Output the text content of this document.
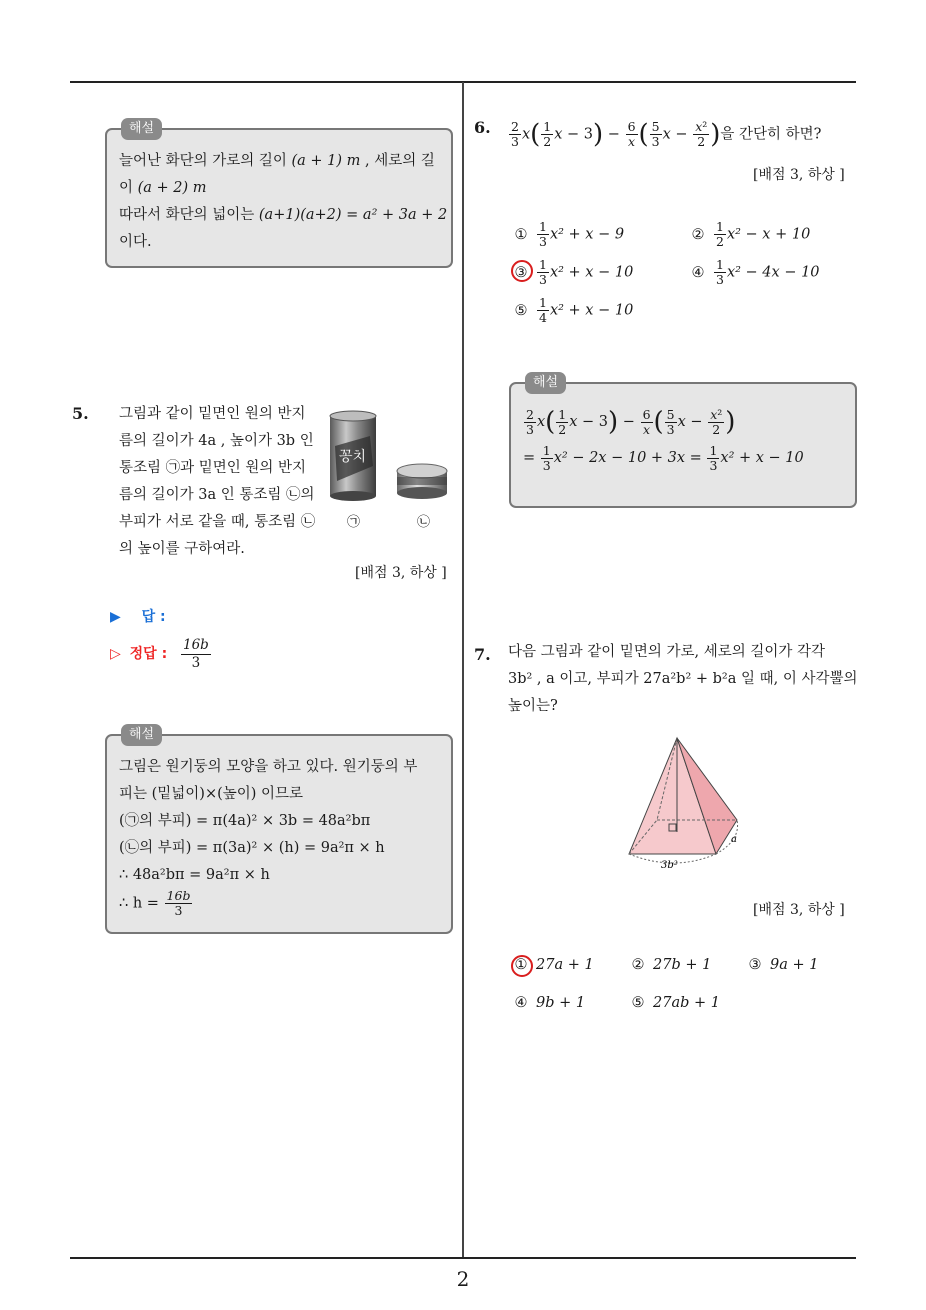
2
해설
늘어난 화단의 가로의 길이 (a + 1) m , 세로의 길
이 (a + 2) m
따라서 화단의 넓이는 (a+1)(a+2) = a² + 3a + 2
이다.
5. 그림과 같이 밑면인 원의 반지
름의 길이가 4a , 높이가 3b 인
통조림 ㉠과 밑면인 원의 반지
름의 길이가 3a 인 통조림 ㉡의
부피가 서로 같을 때, 통조림 ㉡
의 높이를 구하여라.
꽁치
㉠	㉡
[배점 3, 하상 ]
▶ 답 :
▷ 정답 : $\frac{16b}{3}$
해설
그림은 원기둥의 모양을 하고 있다. 원기둥의 부
피는 (밑넓이)×(높이) 이므로
(㉠의 부피) = π(4a)² × 3b = 48a²bπ
(㉡의 부피) = π(3a)² × (h) = 9a²π × h
∴ 48a²bπ = 9a²π × h
∴ $h = \frac{16b}{3}$
6. $\frac{2}{3} x( \frac{1}{2}$ $x - 3) - \frac{6}{x}$ ( $\frac{5}{3}$ $x - \frac{\text{x²}}{2}$ )을 간단히 하면?
[배점 3, 하상 ]
① $\frac{1}{3} x^2 + x - 9$	② $\frac{1}{2} x^2 - x + 10$
③ $\frac{1}{3} x^2 + x - 10$	④ $\frac{1}{3} x^2 - 4x - 10$
⑤ $\frac{1}{4} x^2 + x - 10$
해설
$\frac{2}{3} x( \frac{1}{2}$ $x - 3) - \frac{6}{x}$ ( $\frac{5}{3}$ $x - \frac{\text{x²}}{2}$ )
= $\frac{1}{3} x^2 - 2x - 10 + 3x = \frac{1}{3} x^2 + x - 10$
7. 다음 그림과 같이 밑면의 가로, 세로의 길이가 각각
3b² , a 이고, 부피가 27a²b² + b²a 일 때, 이 사각뿔의
높이는?
a
3b²
[배점 3, 하상 ]
① 27a + 1	② 27b + 1	③ 9a + 1
④ 9b + 1	⑤ 27ab + 1
